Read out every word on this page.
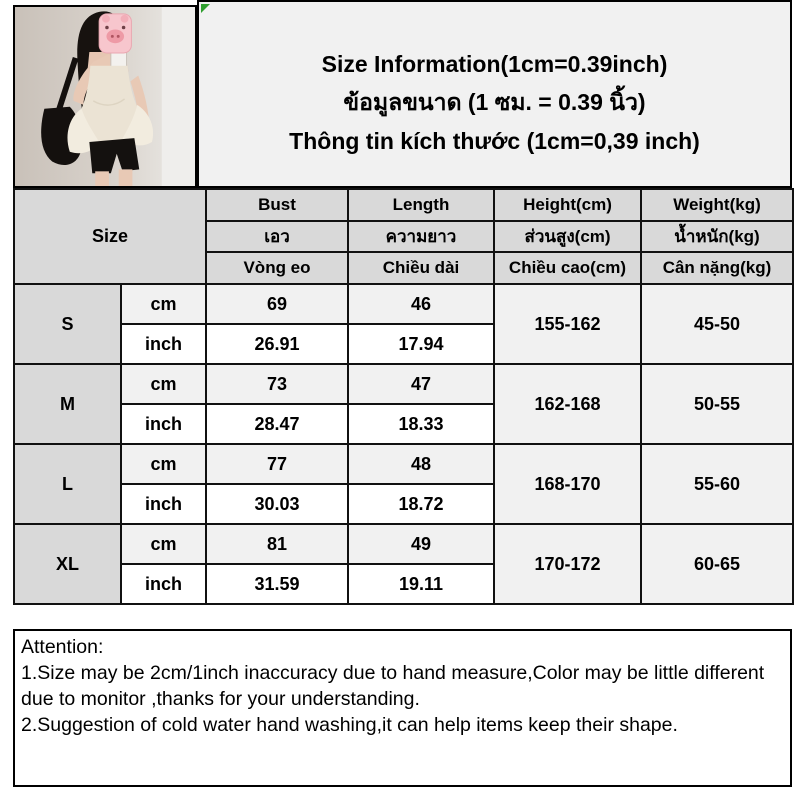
Size Information(1cm=0.39inch)
ข้อมูลขนาด (1 ซม. = 0.39 นิ้ว)
Thông tin kích thước (1cm=0,39 inch)
Size		Bust	Length	Height(cm)	Weight(kg)
		เอว	ความยาว	ส่วนสูง(cm)	น้ำหนัก(kg)
		Vòng eo	Chiều dài	Chiều cao(cm)	Cân nặng(kg)
S	cm	69	46	155-162	45-50
	inch	26.91	17.94		
M	cm	73	47	162-168	50-55
	inch	28.47	18.33		
L	cm	77	48	168-170	55-60
	inch	30.03	18.72		
XL	cm	81	49	170-172	60-65
	inch	31.59	19.11		
Attention:
1.Size may be 2cm/1inch inaccuracy due to hand measure,Color may be little different
due to monitor ,thanks for your understanding.
2.Suggestion of cold water hand washing,it can help items keep their shape.
